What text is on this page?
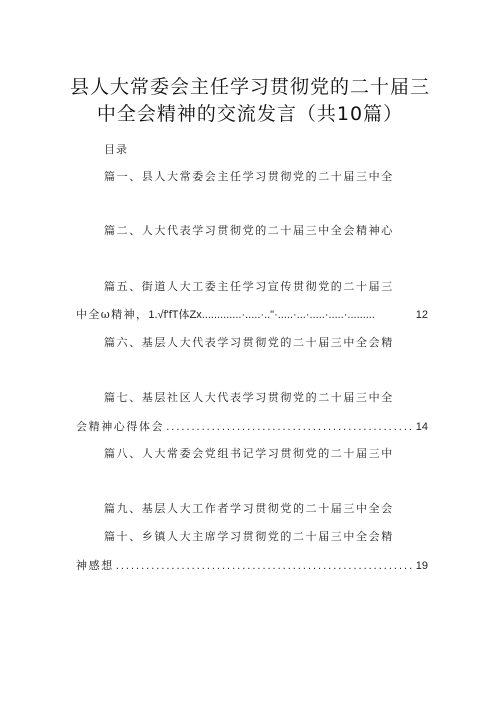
县人大常委会主任学习贯彻党的二十届三
中全会精神的交流发言（共10篇）
目录
篇一、县人大常委会主任学习贯彻党的二十届三中全
篇二、人大代表学习贯彻党的二十届三中全会精神心
篇五、街道人大工委主任学习宣传贯彻党的二十届三
中全ω精神， 1.√f'fT体Zx.............·.....·.."·.....·...·.....·.....·.........	12
篇六、基层人大代表学习贯彻党的二十届三中全会精
篇七、基层社区人大代表学习贯彻党的二十届三中全
会精神心得体会 .....	14
篇八、人大常委会党组书记学习贯彻党的二十届三中
篇九、基层人大工作者学习贯彻党的二十届三中全会
篇十、乡镇人大主席学习贯彻党的二十届三中全会精
神感想 .....	19
